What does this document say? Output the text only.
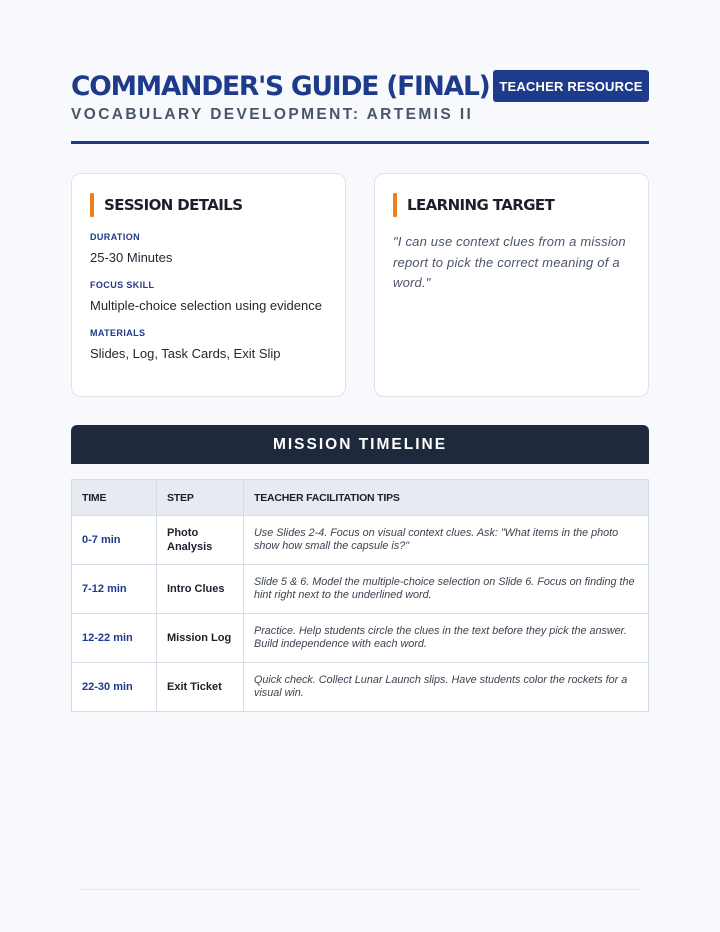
COMMANDER'S GUIDE (FINAL) TEACHER RESOURCE
VOCABULARY DEVELOPMENT: ARTEMIS II
SESSION DETAILS
DURATION
25-30 Minutes
FOCUS SKILL
Multiple-choice selection using evidence
MATERIALS
Slides, Log, Task Cards, Exit Slip
LEARNING TARGET
"I can use context clues from a mission report to pick the correct meaning of a word."
MISSION TIMELINE
TIME	STEP	TEACHER FACILITATION TIPS
0-7 min	Photo Analysis	Use Slides 2-4. Focus on visual context clues. Ask: "What items in the photo show how small the capsule is?"
7-12 min	Intro Clues	Slide 5 & 6. Model the multiple-choice selection on Slide 6. Focus on finding the hint right next to the underlined word.
12-22 min	Mission Log	Practice. Help students circle the clues in the text before they pick the answer. Build independence with each word.
22-30 min	Exit Ticket	Quick check. Collect Lunar Launch slips. Have students color the rockets for a visual win.
